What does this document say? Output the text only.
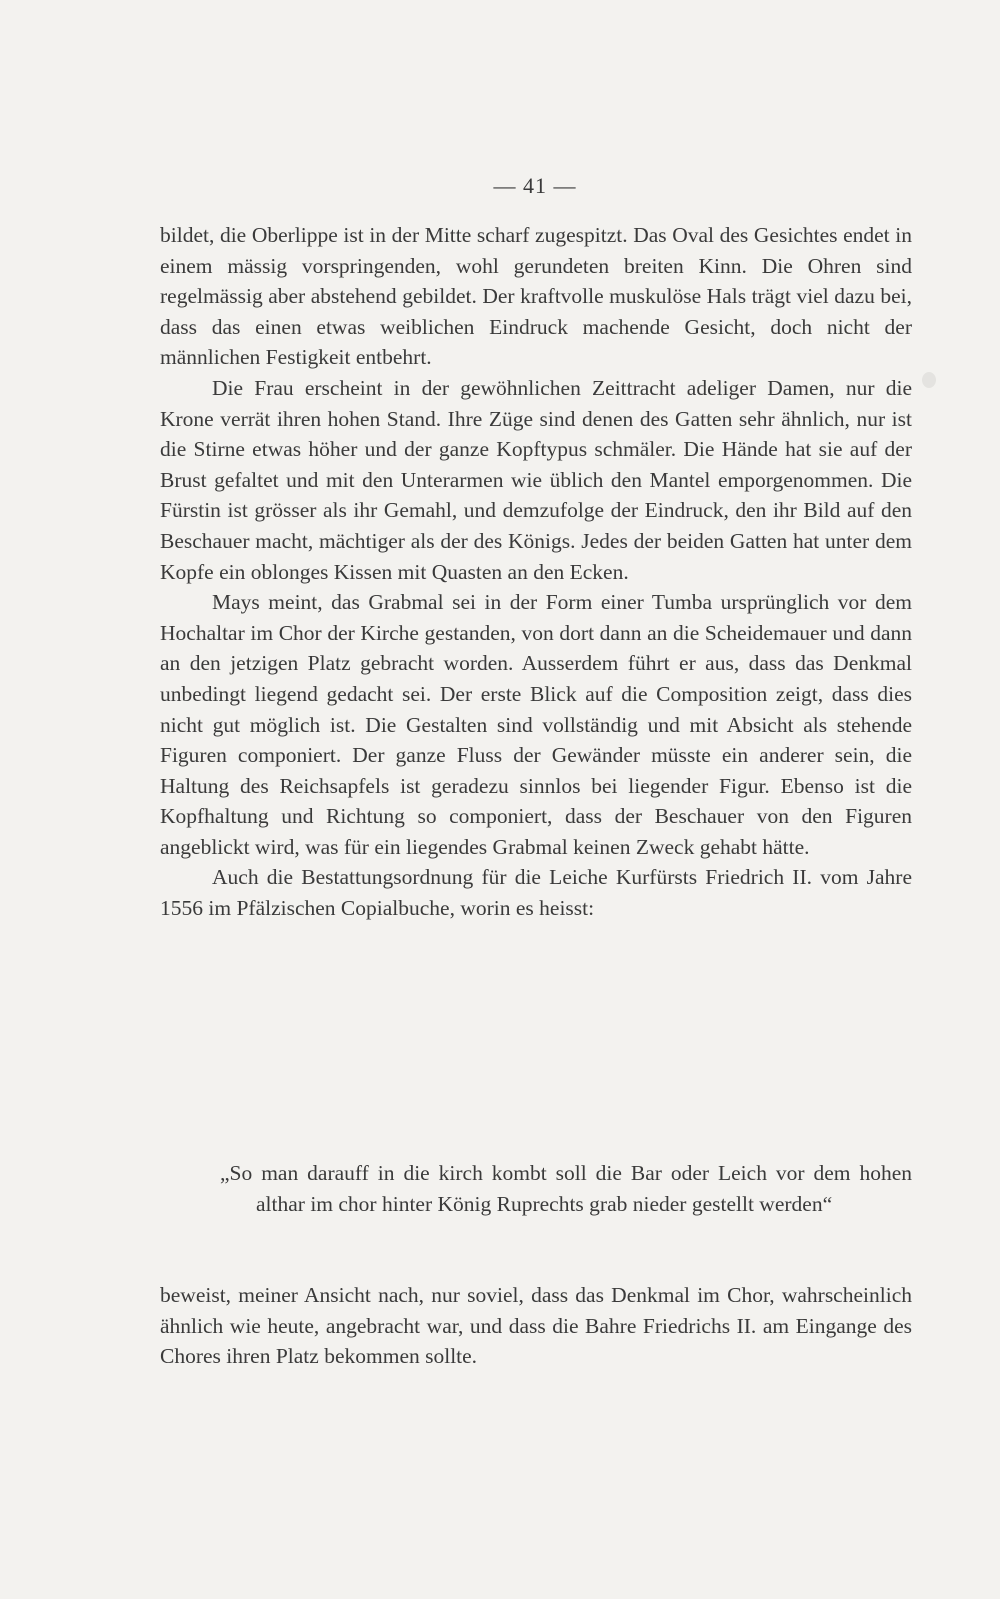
— 41 —

bildet, die Oberlippe ist in der Mitte scharf zugespitzt. Das Oval des Gesichtes endet in einem mässig vorspringenden, wohl gerundeten breiten Kinn. Die Ohren sind regelmässig aber abstehend gebildet. Der kraftvolle muskulöse Hals trägt viel dazu bei, dass das einen etwas weiblichen Eindruck machende Gesicht, doch nicht der männlichen Festigkeit entbehrt.

Die Frau erscheint in der gewöhnlichen Zeittracht adeliger Damen, nur die Krone verrät ihren hohen Stand. Ihre Züge sind denen des Gatten sehr ähnlich, nur ist die Stirne etwas höher und der ganze Kopftypus schmäler. Die Hände hat sie auf der Brust gefaltet und mit den Unterarmen wie üblich den Mantel emporgenommen. Die Fürstin ist grösser als ihr Gemahl, und demzufolge der Eindruck, den ihr Bild auf den Beschauer macht, mächtiger als der des Königs. Jedes der beiden Gatten hat unter dem Kopfe ein oblonges Kissen mit Quasten an den Ecken.

Mays meint, das Grabmal sei in der Form einer Tumba ursprünglich vor dem Hochaltar im Chor der Kirche gestanden, von dort dann an die Scheidemauer und dann an den jetzigen Platz gebracht worden. Ausserdem führt er aus, dass das Denkmal unbedingt liegend gedacht sei. Der erste Blick auf die Composition zeigt, dass dies nicht gut möglich ist. Die Gestalten sind vollständig und mit Absicht als stehende Figuren componiert. Der ganze Fluss der Gewänder müsste ein anderer sein, die Haltung des Reichsapfels ist geradezu sinnlos bei liegender Figur. Ebenso ist die Kopfhaltung und Richtung so componiert, dass der Beschauer von den Figuren angeblickt wird, was für ein liegendes Grabmal keinen Zweck gehabt hätte.

Auch die Bestattungsordnung für die Leiche Kurfürsts Friedrich II. vom Jahre 1556 im Pfälzischen Copialbuche, worin es heisst:

„So man darauff in die kirch kombt soll die Bar oder Leich vor dem hohen althar im chor hinter König Ruprechts grab nieder gestellt werden“

beweist, meiner Ansicht nach, nur soviel, dass das Denkmal im Chor, wahrscheinlich ähnlich wie heute, angebracht war, und dass die Bahre Friedrichs II. am Eingange des Chores ihren Platz bekommen sollte.
